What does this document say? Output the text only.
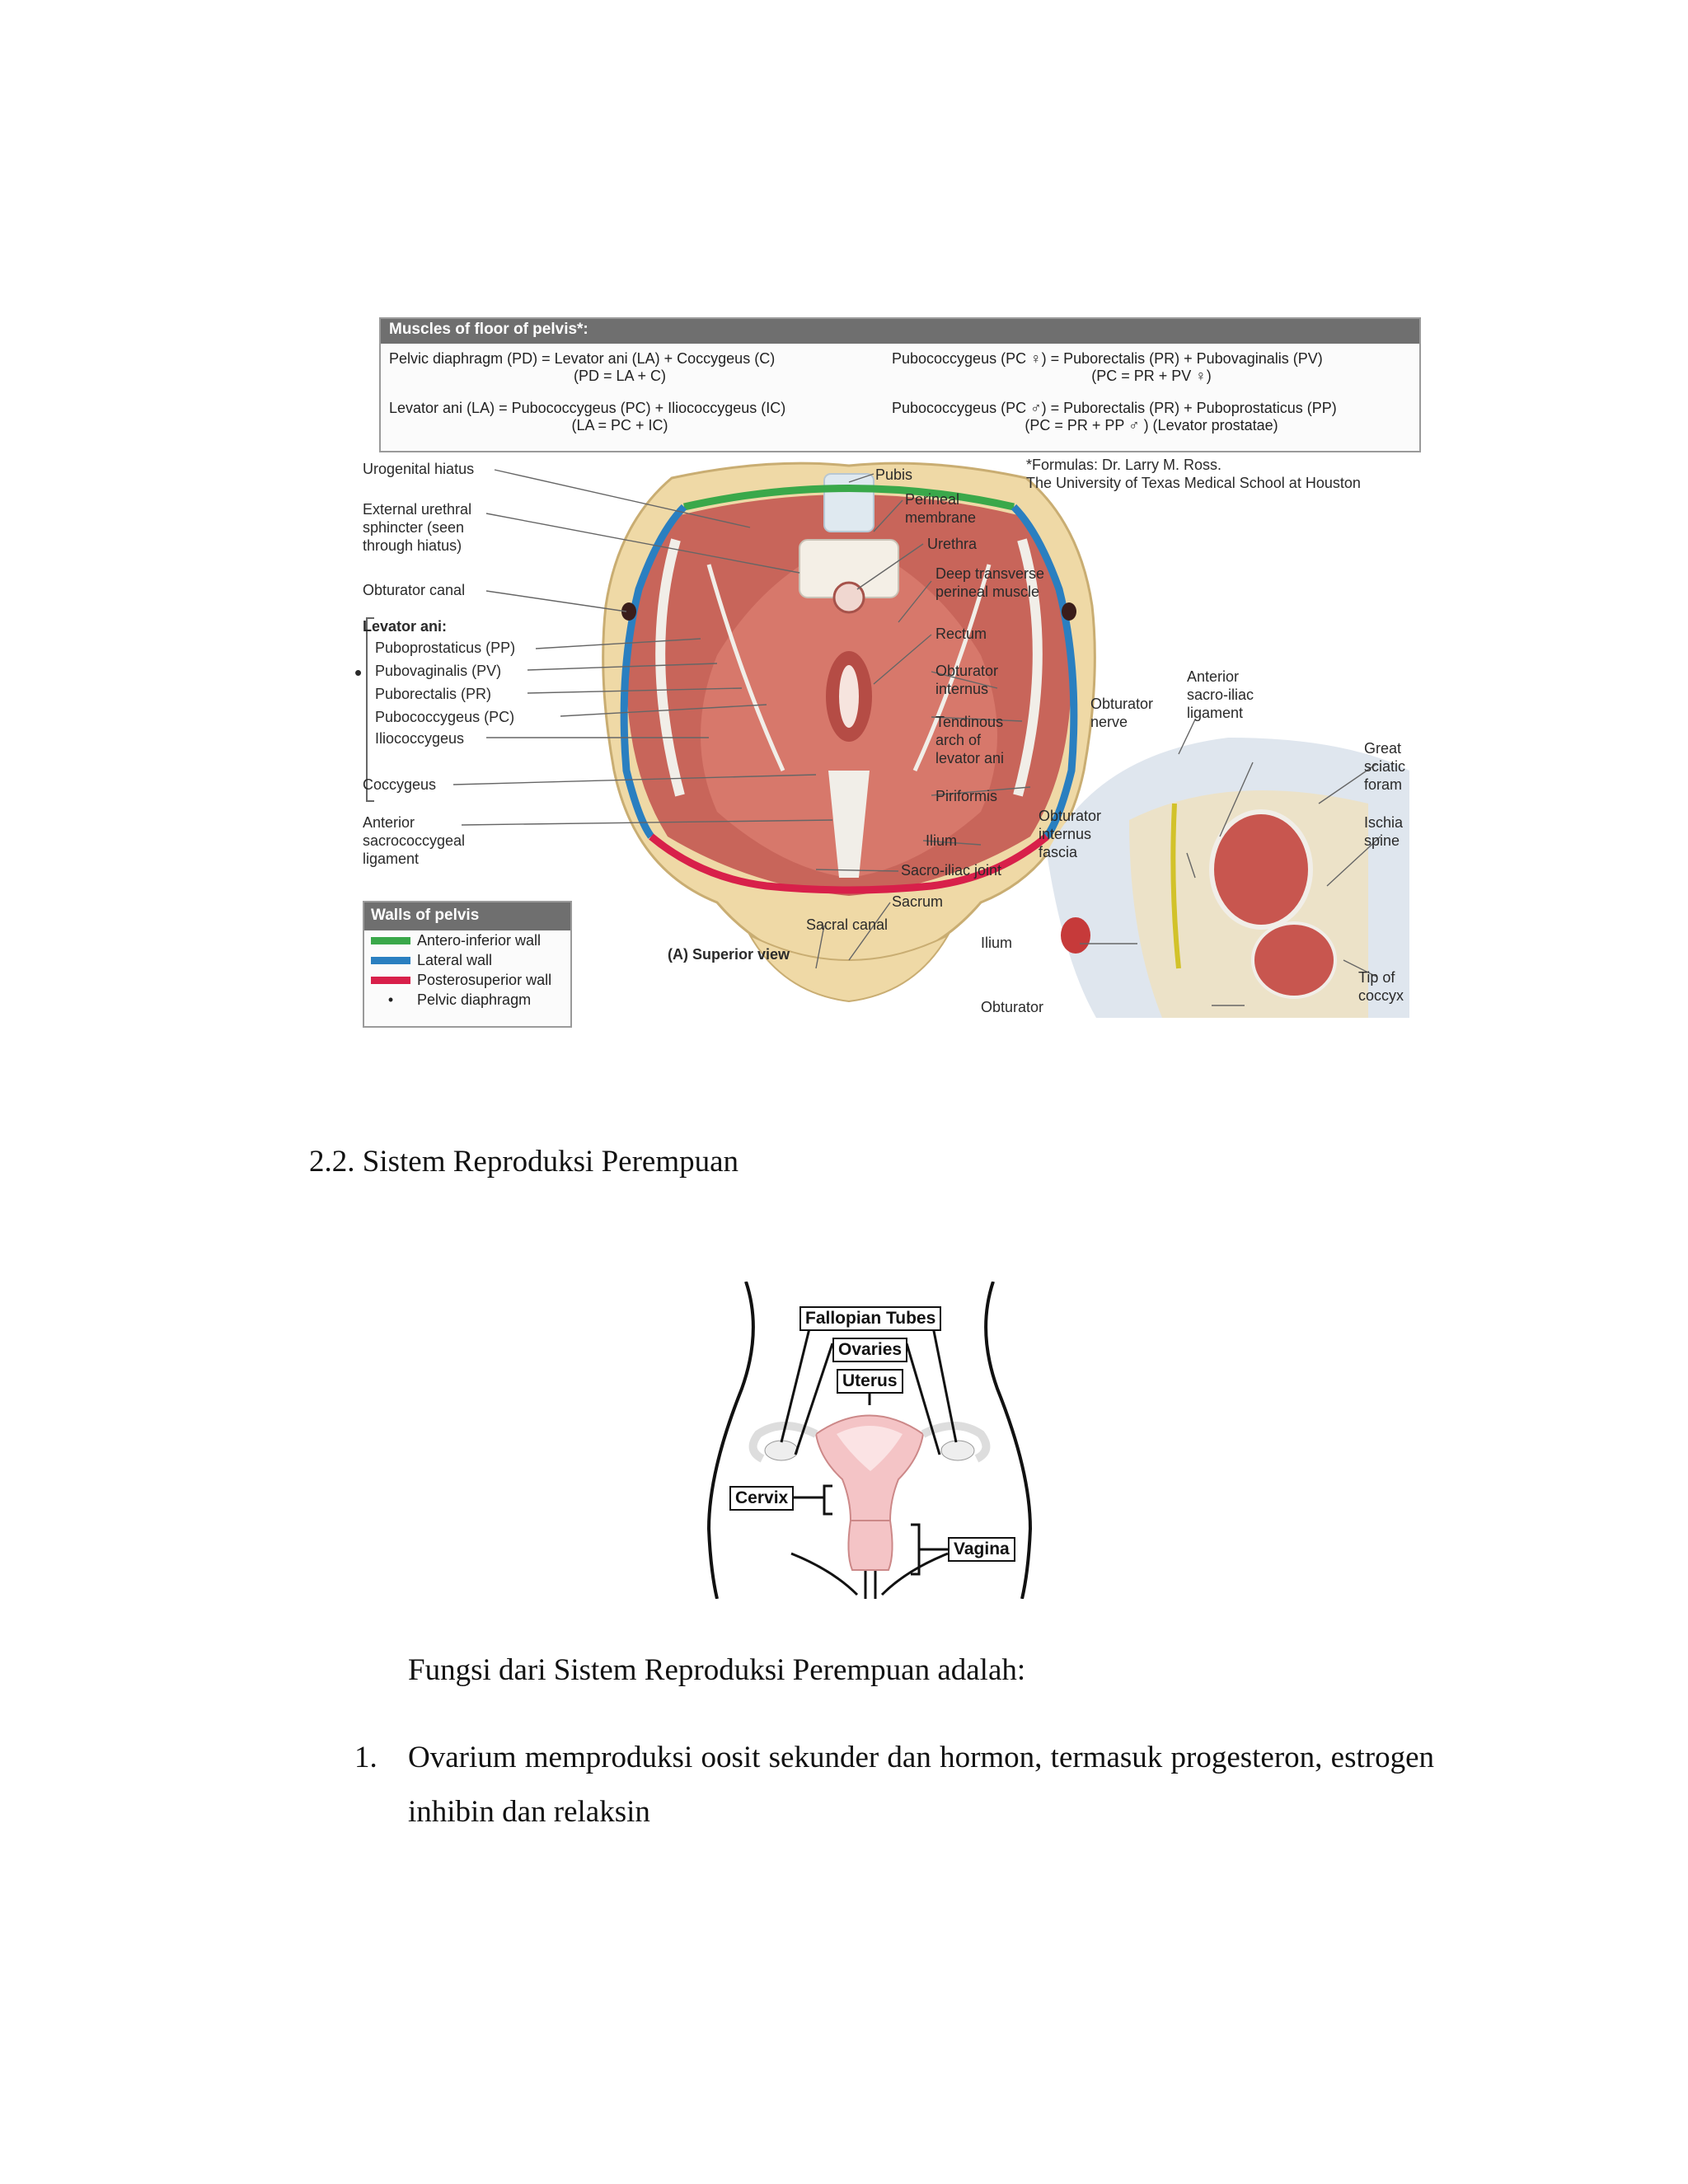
Muscles of floor of pelvis*:
Pelvic diaphragm (PD) = Levator ani (LA) + Coccygeus (C)
(PD = LA + C)
Levator ani (LA) = Pubococcygeus (PC) + Iliococcygeus (IC)
(LA = PC + IC)
Pubococcygeus (PC ♀) = Puborectalis (PR) + Pubovaginalis (PV)
(PC = PR + PV ♀)
Pubococcygeus (PC ♂) = Puborectalis (PR) + Puboprostaticus (PP)
(PC = PR + PP ♂ ) (Levator prostatae)
*Formulas: Dr. Larry M. Ross.
The University of Texas Medical School at Houston
Urogenital hiatus
External urethral
sphincter (seen
through hiatus)
Obturator canal
•
Levator ani:
Puboprostaticus (PP)
Pubovaginalis (PV)
Puborectalis (PR)
Pubococcygeus (PC)
Iliococcygeus
Coccygeus
Anterior
sacrococcygeal
ligament
Pubis
Perineal
membrane
Urethra
Deep transverse
perineal muscle
Rectum
Obturator
internus
Tendinous
arch of
levator ani
Piriformis
Ilium
Sacro-iliac joint
Sacrum
Sacral canal
(A) Superior view
Anterior
sacro-iliac
ligament
Obturator
nerve
Great
sciatic
foram
Obturator
internus
fascia
Ischia
spine
Ilium
Tip of
coccyx
Obturator
Walls of pelvis
Antero-inferior wall
Lateral wall
Posterosuperior wall
•	Pelvic diaphragm
2.2. Sistem Reproduksi Perempuan
Fallopian Tubes
Ovaries
Uterus
Cervix
Vagina
Fungsi dari Sistem Reproduksi Perempuan adalah:
1. Ovarium memproduksi oosit sekunder dan hormon, termasuk progesteron, estrogen inhibin dan relaksin
